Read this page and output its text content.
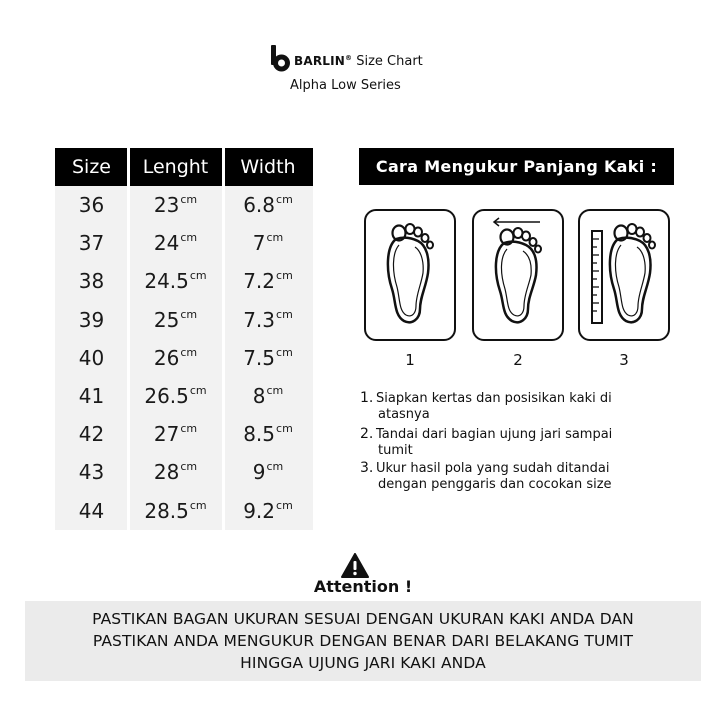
BARLIN® Size Chart
Alpha Low Series
Size	Lenght	Width
36	23 cm 6.8 cm
37	24 cm	7 cm
38	24.5 cm 7.2 cm
39	25 cm 7.3 cm
40	26 cm 7.5 cm
41	26.5 cm 8 cm
42	27 cm 8.5 cm
43	28 cm	9 cm
44	28.5 cm 9.2 cm
Cara Mengukur Panjang Kaki :
1	2	3
1. Siapkan kertas dan posisikan kaki di
atasnya
2. Tandai dari bagian ujung jari sampai
tumit
3. Ukur hasil pola yang sudah ditandai
dengan penggaris dan cocokan size
Attention !
PASTIKAN BAGAN UKURAN SESUAI DENGAN UKURAN KAKI ANDA DAN
PASTIKAN ANDA MENGUKUR DENGAN BENAR DARI BELAKANG TUMIT
HINGGA UJUNG JARI KAKI ANDA
